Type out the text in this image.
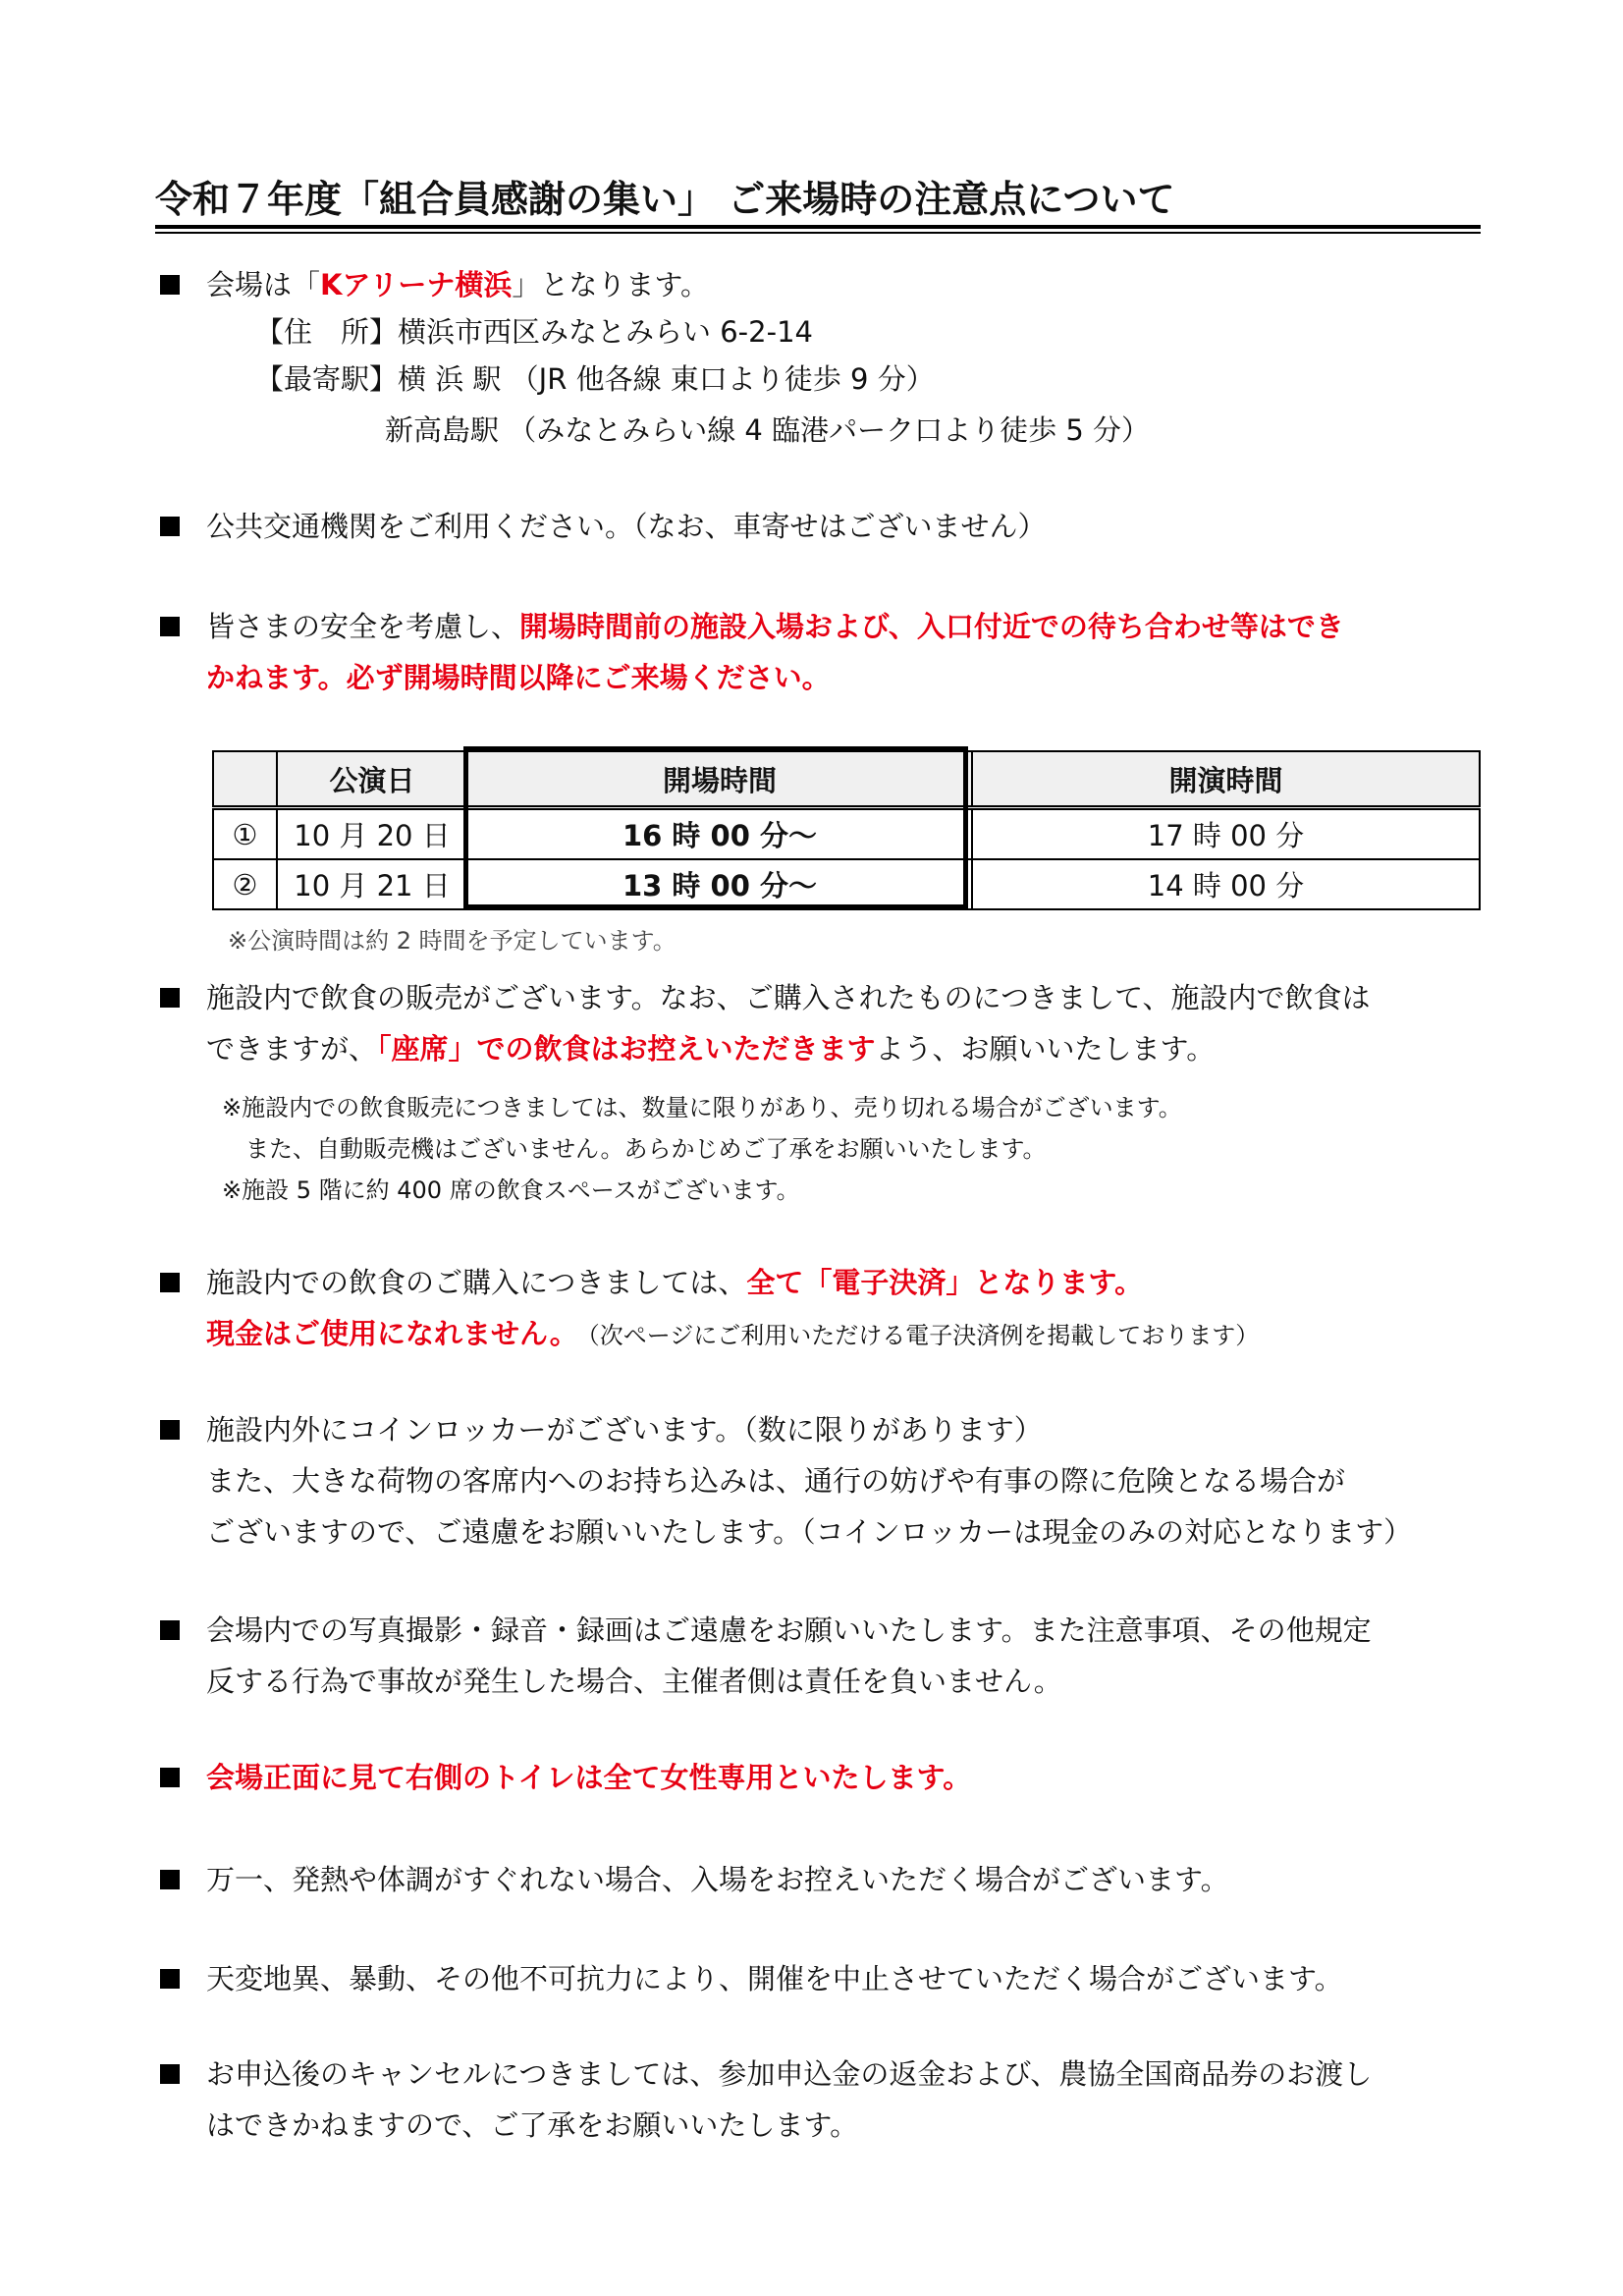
令和７年度「組合員感謝の集い」 ご来場時の注意点について
会場は「Kアリーナ横浜」となります。
【住　所】横浜市西区みなとみらい 6-2-14
【最寄駅】横 浜 駅 （JR 他各線 東口より徒歩 9 分）
新高島駅 （みなとみらい線 4 臨港パーク口より徒歩 5 分）
公共交通機関をご利用ください。（なお、車寄せはございません）
皆さまの安全を考慮し、開場時間前の施設入場および、入口付近での待ち合わせ等はでき
かねます。必ず開場時間以降にご来場ください。
	公演日	開場時間	開演時間
①	10 月 20 日	16 時 00 分～	17 時 00 分
②	10 月 21 日	13 時 00 分～	14 時 00 分
※公演時間は約 2 時間を予定しています。
施設内で飲食の販売がございます。なお、ご購入されたものにつきまして、施設内で飲食は
できますが、「座席」での飲食はお控えいただきますよう、お願いいたします。
※施設内での飲食販売につきましては、数量に限りがあり、売り切れる場合がございます。
　また、自動販売機はございません。あらかじめご了承をお願いいたします。
※施設 5 階に約 400 席の飲食スペースがございます。
施設内での飲食のご購入につきましては、全て「電子決済」となります。
現金はご使用になれません。 （次ページにご利用いただける電子決済例を掲載しております）
施設内外にコインロッカーがございます。（数に限りがあります）
また、大きな荷物の客席内へのお持ち込みは、通行の妨げや有事の際に危険となる場合が
ございますので、ご遠慮をお願いいたします。（コインロッカーは現金のみの対応となります）
会場内での写真撮影・録音・録画はご遠慮をお願いいたします。また注意事項、その他規定
反する行為で事故が発生した場合、主催者側は責任を負いません。
会場正面に見て右側のトイレは全て女性専用といたします。
万一、発熱や体調がすぐれない場合、入場をお控えいただく場合がございます。
天変地異、暴動、その他不可抗力により、開催を中止させていただく場合がございます。
お申込後のキャンセルにつきましては、参加申込金の返金および、農協全国商品券のお渡し
はできかねますので、ご了承をお願いいたします。
